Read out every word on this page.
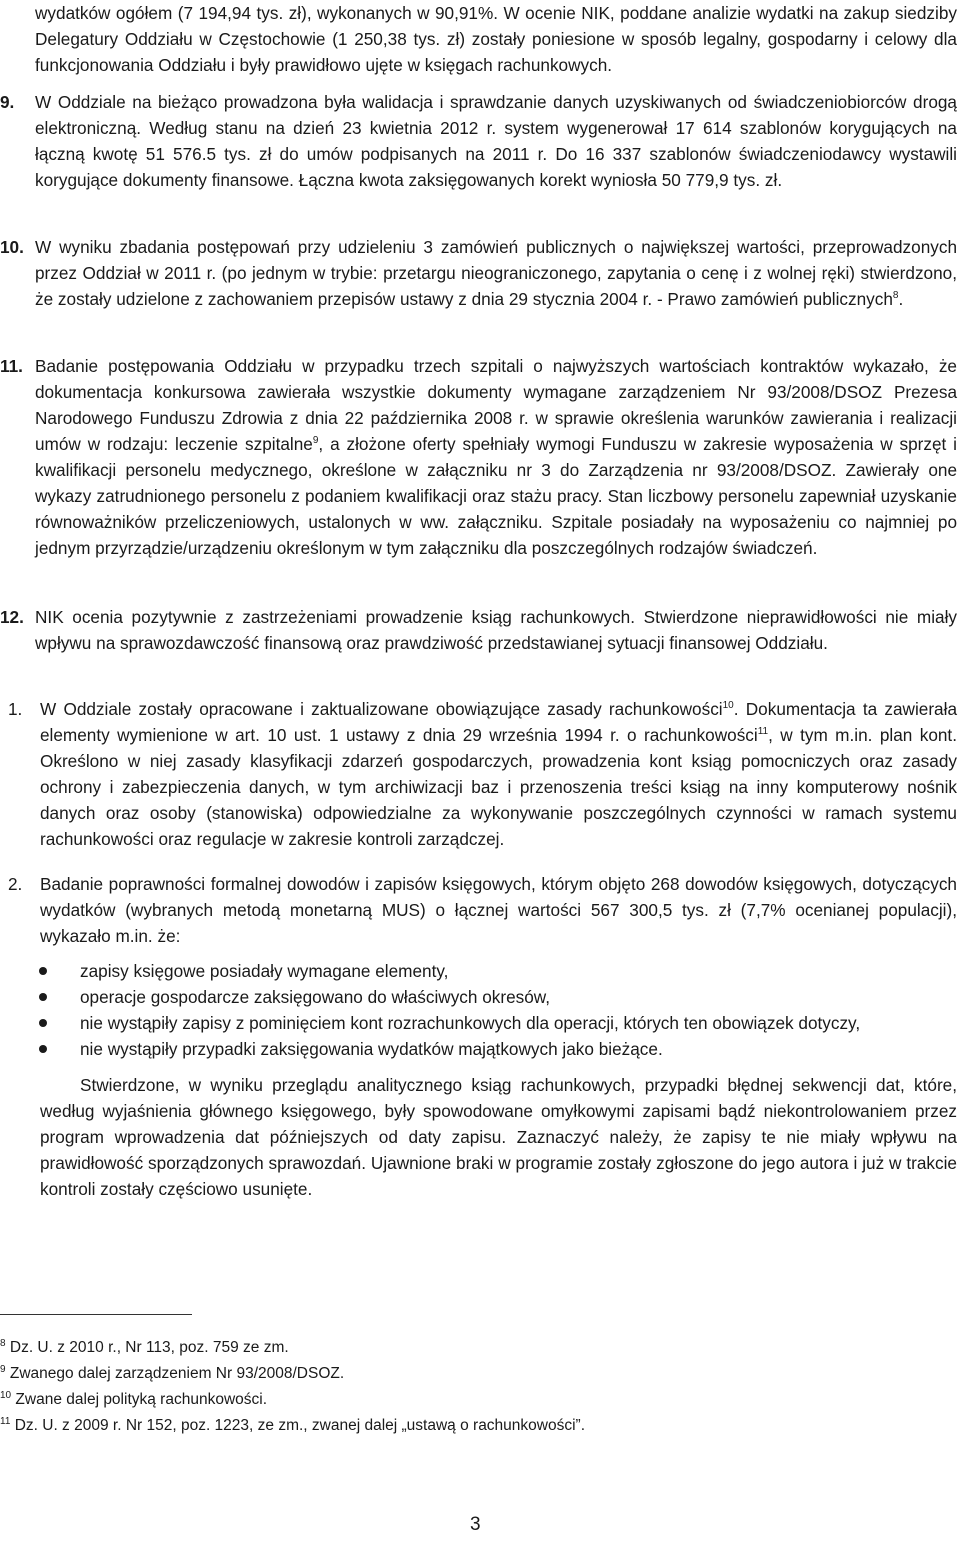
wydatków ogółem (7 194,94 tys. zł), wykonanych w 90,91%. W ocenie NIK, poddane analizie wydatki na zakup siedziby Delegatury Oddziału w Częstochowie (1 250,38 tys. zł) zostały poniesione w sposób legalny, gospodarny i celowy dla funkcjonowania Oddziału i były prawidłowo ujęte w księgach rachunkowych.

9. W Oddziale na bieżąco prowadzona była walidacja i sprawdzanie danych uzyskiwanych od świadczeniobiorców drogą elektroniczną. Według stanu na dzień 23 kwietnia 2012 r. system wygenerował 17 614 szablonów korygujących na łączną kwotę 51 576.5 tys. zł do umów podpisanych na 2011 r. Do 16 337 szablonów świadczeniodawcy wystawili korygujące dokumenty finansowe. Łączna kwota zaksięgowanych korekt wyniosła 50 779,9 tys. zł.

10. W wyniku zbadania postępowań przy udzieleniu 3 zamówień publicznych o największej wartości, przeprowadzonych przez Oddział w 2011 r. (po jednym w trybie: przetargu nieograniczonego, zapytania o cenę i z wolnej ręki) stwierdzono, że zostały udzielone z zachowaniem przepisów ustawy z dnia 29 stycznia 2004 r. - Prawo zamówień publicznych$^8$.

11. Badanie postępowania Oddziału w przypadku trzech szpitali o najwyższych wartościach kontraktów wykazało, że dokumentacja konkursowa zawierała wszystkie dokumenty wymagane zarządzeniem Nr 93/2008/DSOZ Prezesa Narodowego Funduszu Zdrowia z dnia 22 października 2008 r. w sprawie określenia warunków zawierania i realizacji umów w rodzaju: leczenie szpitalne$^9$, a złożone oferty spełniały wymogi Funduszu w zakresie wyposażenia w sprzęt i kwalifikacji personelu medycznego, określone w załączniku nr 3 do Zarządzenia nr 93/2008/DSOZ. Zawierały one wykazy zatrudnionego personelu z podaniem kwalifikacji oraz stażu pracy. Stan liczbowy personelu zapewniał uzyskanie równoważników przeliczeniowych, ustalonych w ww. załączniku. Szpitale posiadały na wyposażeniu co najmniej po jednym przyrządzie/urządzeniu określonym w tym załączniku dla poszczególnych rodzajów świadczeń.

12. NIK ocenia pozytywnie z zastrzeżeniami prowadzenie ksiąg rachunkowych. Stwierdzone nieprawidłowości nie miały wpływu na sprawozdawczość finansową oraz prawdziwość przedstawianej sytuacji finansowej Oddziału.

1. W Oddziale zostały opracowane i zaktualizowane obowiązujące zasady rachunkowości$^{10}$. Dokumentacja ta zawierała elementy wymienione w art. 10 ust. 1 ustawy z dnia 29 września 1994 r. o rachunkowości$^{11}$, w tym m.in. plan kont. Określono w niej zasady klasyfikacji zdarzeń gospodarczych, prowadzenia kont ksiąg pomocniczych oraz zasady ochrony i zabezpieczenia danych, w tym archiwizacji baz i przenoszenia treści ksiąg na inny komputerowy nośnik danych oraz osoby (stanowiska) odpowiedzialne za wykonywanie poszczególnych czynności w ramach systemu rachunkowości oraz regulacje w zakresie kontroli zarządczej.

2. Badanie poprawności formalnej dowodów i zapisów księgowych, którym objęto 268 dowodów księgowych, dotyczących wydatków (wybranych metodą monetarną MUS) o łącznej wartości 567 300,5 tys. zł (7,7% ocenianej populacji), wykazało m.in. że:

zapisy księgowe posiadały wymagane elementy,
operacje gospodarcze zaksięgowano do właściwych okresów,
nie wystąpiły zapisy z pominięciem kont rozrachunkowych dla operacji, których ten obowiązek dotyczy,
nie wystąpiły przypadki zaksięgowania wydatków majątkowych jako bieżące.

Stwierdzone, w wyniku przeglądu analitycznego ksiąg rachunkowych, przypadki błędnej sekwencji dat, które, według wyjaśnienia głównego księgowego, były spowodowane omyłkowymi zapisami bądź niekontrolowaniem przez program wprowadzenia dat późniejszych od daty zapisu. Zaznaczyć należy, że zapisy te nie miały wpływu na prawidłowość sporządzonych sprawozdań. Ujawnione braki w programie zostały zgłoszone do jego autora i już w trakcie kontroli zostały częściowo usunięte.

$^8$ Dz. U. z 2010 r., Nr 113, poz. 759 ze zm.
$^9$ Zwanego dalej zarządzeniem Nr 93/2008/DSOZ.
$^{10}$ Zwane dalej polityką rachunkowości.
$^{11}$ Dz. U. z 2009 r. Nr 152, poz. 1223, ze zm., zwanej dalej „ustawą o rachunkowości”.
3
